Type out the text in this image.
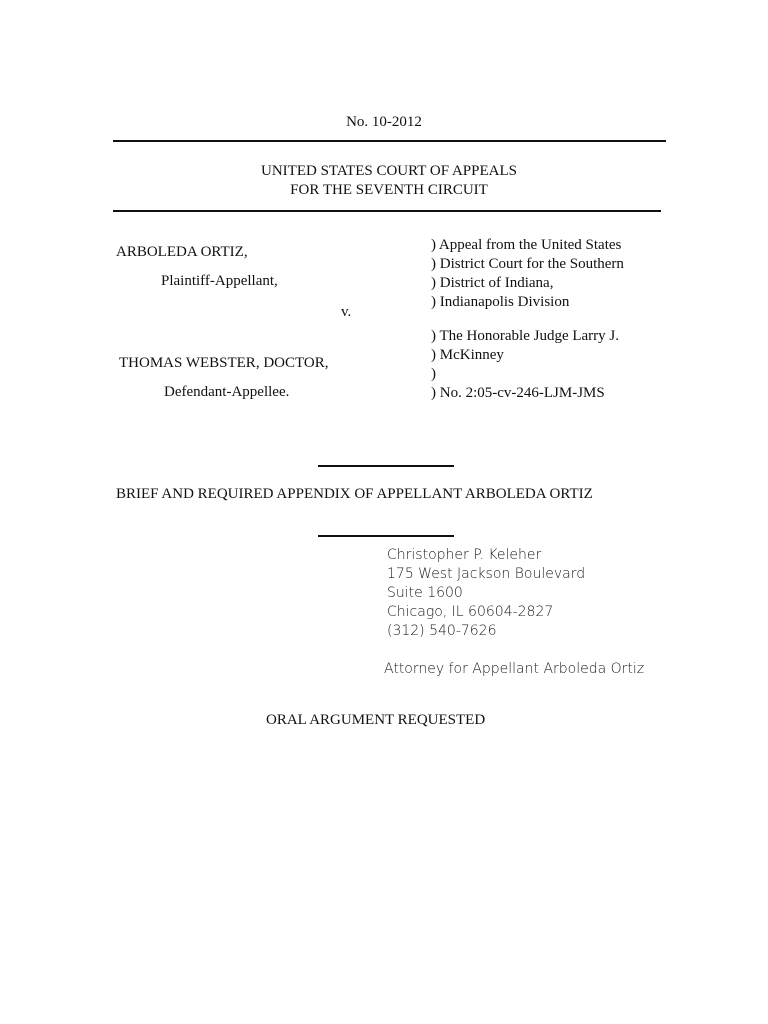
No. 10-2012
UNITED STATES COURT OF APPEALS
FOR THE SEVENTH CIRCUIT
ARBOLEDA ORTIZ,
Plaintiff-Appellant,
v.
THOMAS WEBSTER, DOCTOR,
Defendant-Appellee.
) Appeal from the United States
) District Court for the Southern
) District of Indiana,
) Indianapolis Division
) The Honorable Judge Larry J.
) McKinney
)
) No. 2:05-cv-246-LJM-JMS
BRIEF AND REQUIRED APPENDIX OF APPELLANT ARBOLEDA ORTIZ
Christopher P. Keleher
175 West Jackson Boulevard
Suite 1600
Chicago, IL 60604-2827
(312) 540-7626
Attorney for Appellant Arboleda Ortiz
ORAL ARGUMENT REQUESTED
